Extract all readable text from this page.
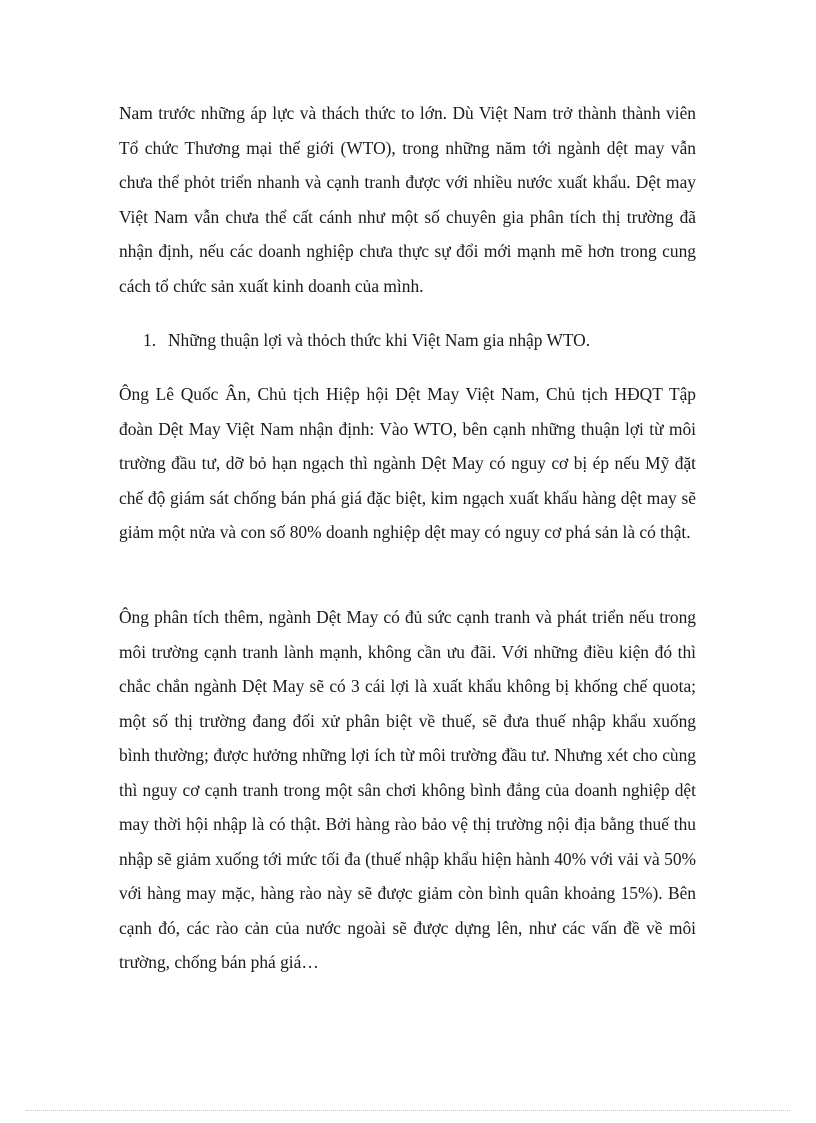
Nam trước những áp lực và thách thức to lớn. Dù Việt Nam trở thành thành viên Tổ chức Thương mại thế giới (WTO), trong những năm tới ngành dệt may vẫn chưa thể phỏt triển nhanh và cạnh tranh được với nhiều nước xuất khẩu. Dệt may Việt Nam vẫn chưa thể cất cánh như một số chuyên gia phân tích thị trường đã nhận định, nếu các doanh nghiệp chưa thực sự đổi mới mạnh mẽ hơn trong cung cách tổ chức sản xuất kinh doanh của mình.

1. Những thuận lợi và thỏch thức khi Việt Nam gia nhập WTO.

Ông Lê Quốc Ân, Chủ tịch Hiệp hội Dệt May Việt Nam, Chủ tịch HĐQT Tập đoàn Dệt May Việt Nam nhận định: Vào WTO, bên cạnh những thuận lợi từ môi trường đầu tư, dỡ bỏ hạn ngạch thì ngành Dệt May có nguy cơ bị ép nếu Mỹ đặt chế độ giám sát chống bán phá giá đặc biệt, kim ngạch xuất khẩu hàng dệt may sẽ giảm một nửa và con số 80% doanh nghiệp dệt may có nguy cơ phá sản là có thật.

Ông phân tích thêm, ngành Dệt May có đủ sức cạnh tranh và phát triển nếu trong môi trường cạnh tranh lành mạnh, không cần ưu đãi. Với những điều kiện đó thì chắc chắn ngành Dệt May sẽ có 3 cái lợi là xuất khẩu không bị khống chế quota; một số thị trường đang đối xử phân biệt về thuế, sẽ đưa thuế nhập khẩu xuống bình thường; được hưởng những lợi ích từ môi trường đầu tư. Nhưng xét cho cùng thì nguy cơ cạnh tranh trong một sân chơi không bình đẳng của doanh nghiệp dệt may thời hội nhập là có thật. Bởi hàng rào bảo vệ thị trường nội địa bằng thuế thu nhập sẽ giảm xuống tới mức tối đa (thuế nhập khẩu hiện hành 40% với vải và 50% với hàng may mặc, hàng rào này sẽ được giảm còn bình quân khoảng 15%). Bên cạnh đó, các rào cản của nước ngoài sẽ được dựng lên, như các vấn đề về môi trường, chống bán phá giá…
